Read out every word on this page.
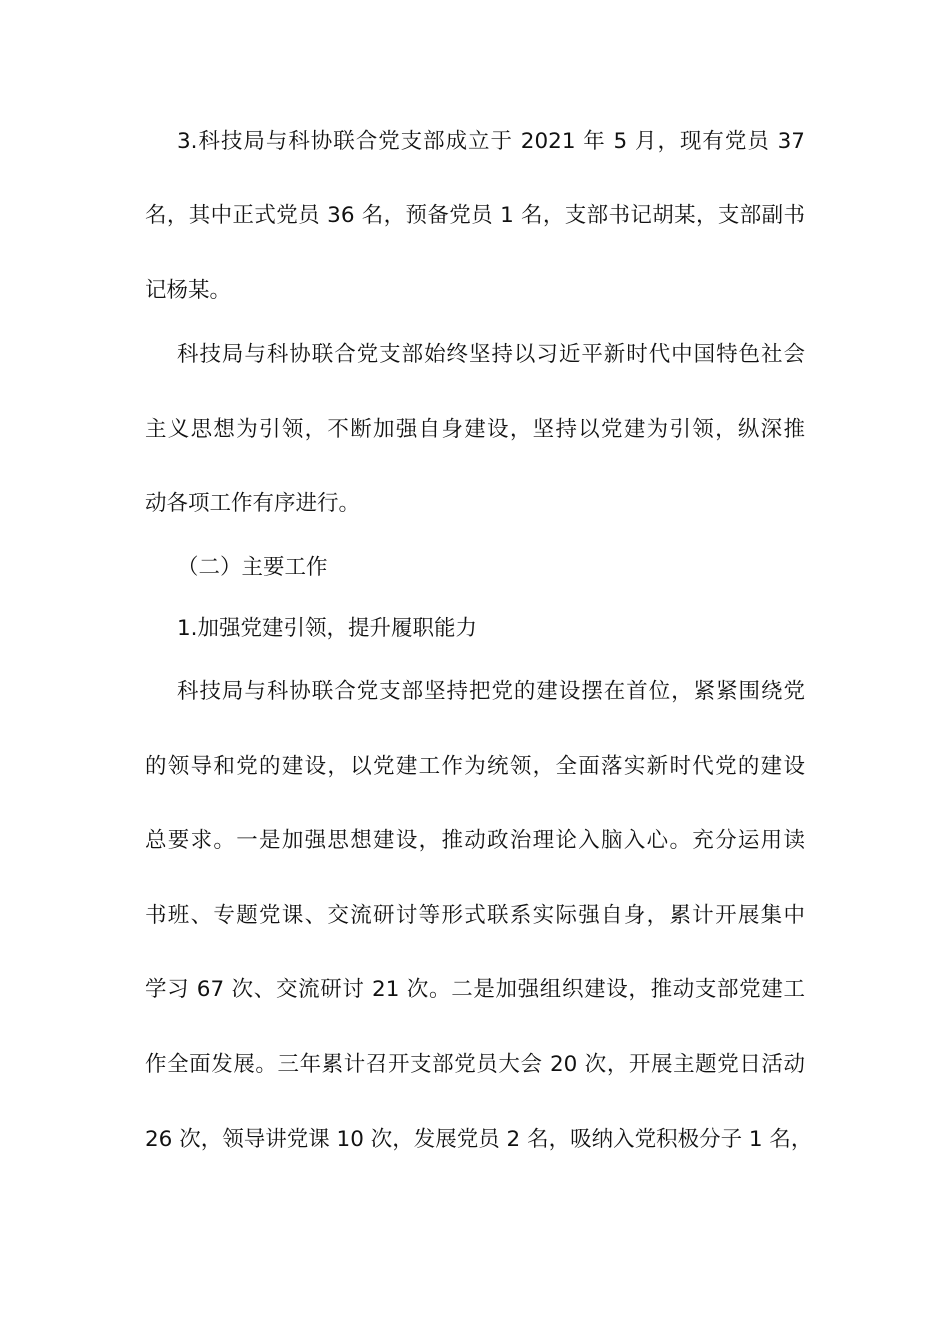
3.科技局与科协联合党支部成立于 2021 年 5 月，现有党员 37
名，其中正式党员 36 名，预备党员 1 名，支部书记胡某，支部副书
记杨某。
科技局与科协联合党支部始终坚持以习近平新时代中国特色社会
主义思想为引领，不断加强自身建设，坚持以党建为引领，纵深推
动各项工作有序进行。
（二）主要工作
1.加强党建引领，提升履职能力
科技局与科协联合党支部坚持把党的建设摆在首位，紧紧围绕党
的领导和党的建设，以党建工作为统领，全面落实新时代党的建设
总要求。一是加强思想建设，推动政治理论入脑入心。充分运用读
书班、专题党课、交流研讨等形式联系实际强自身，累计开展集中
学习 67 次、交流研讨 21 次。二是加强组织建设，推动支部党建工
作全面发展。三年累计召开支部党员大会 20 次，开展主题党日活动
26 次，领导讲党课 10 次，发展党员 2 名，吸纳入党积极分子 1 名，
